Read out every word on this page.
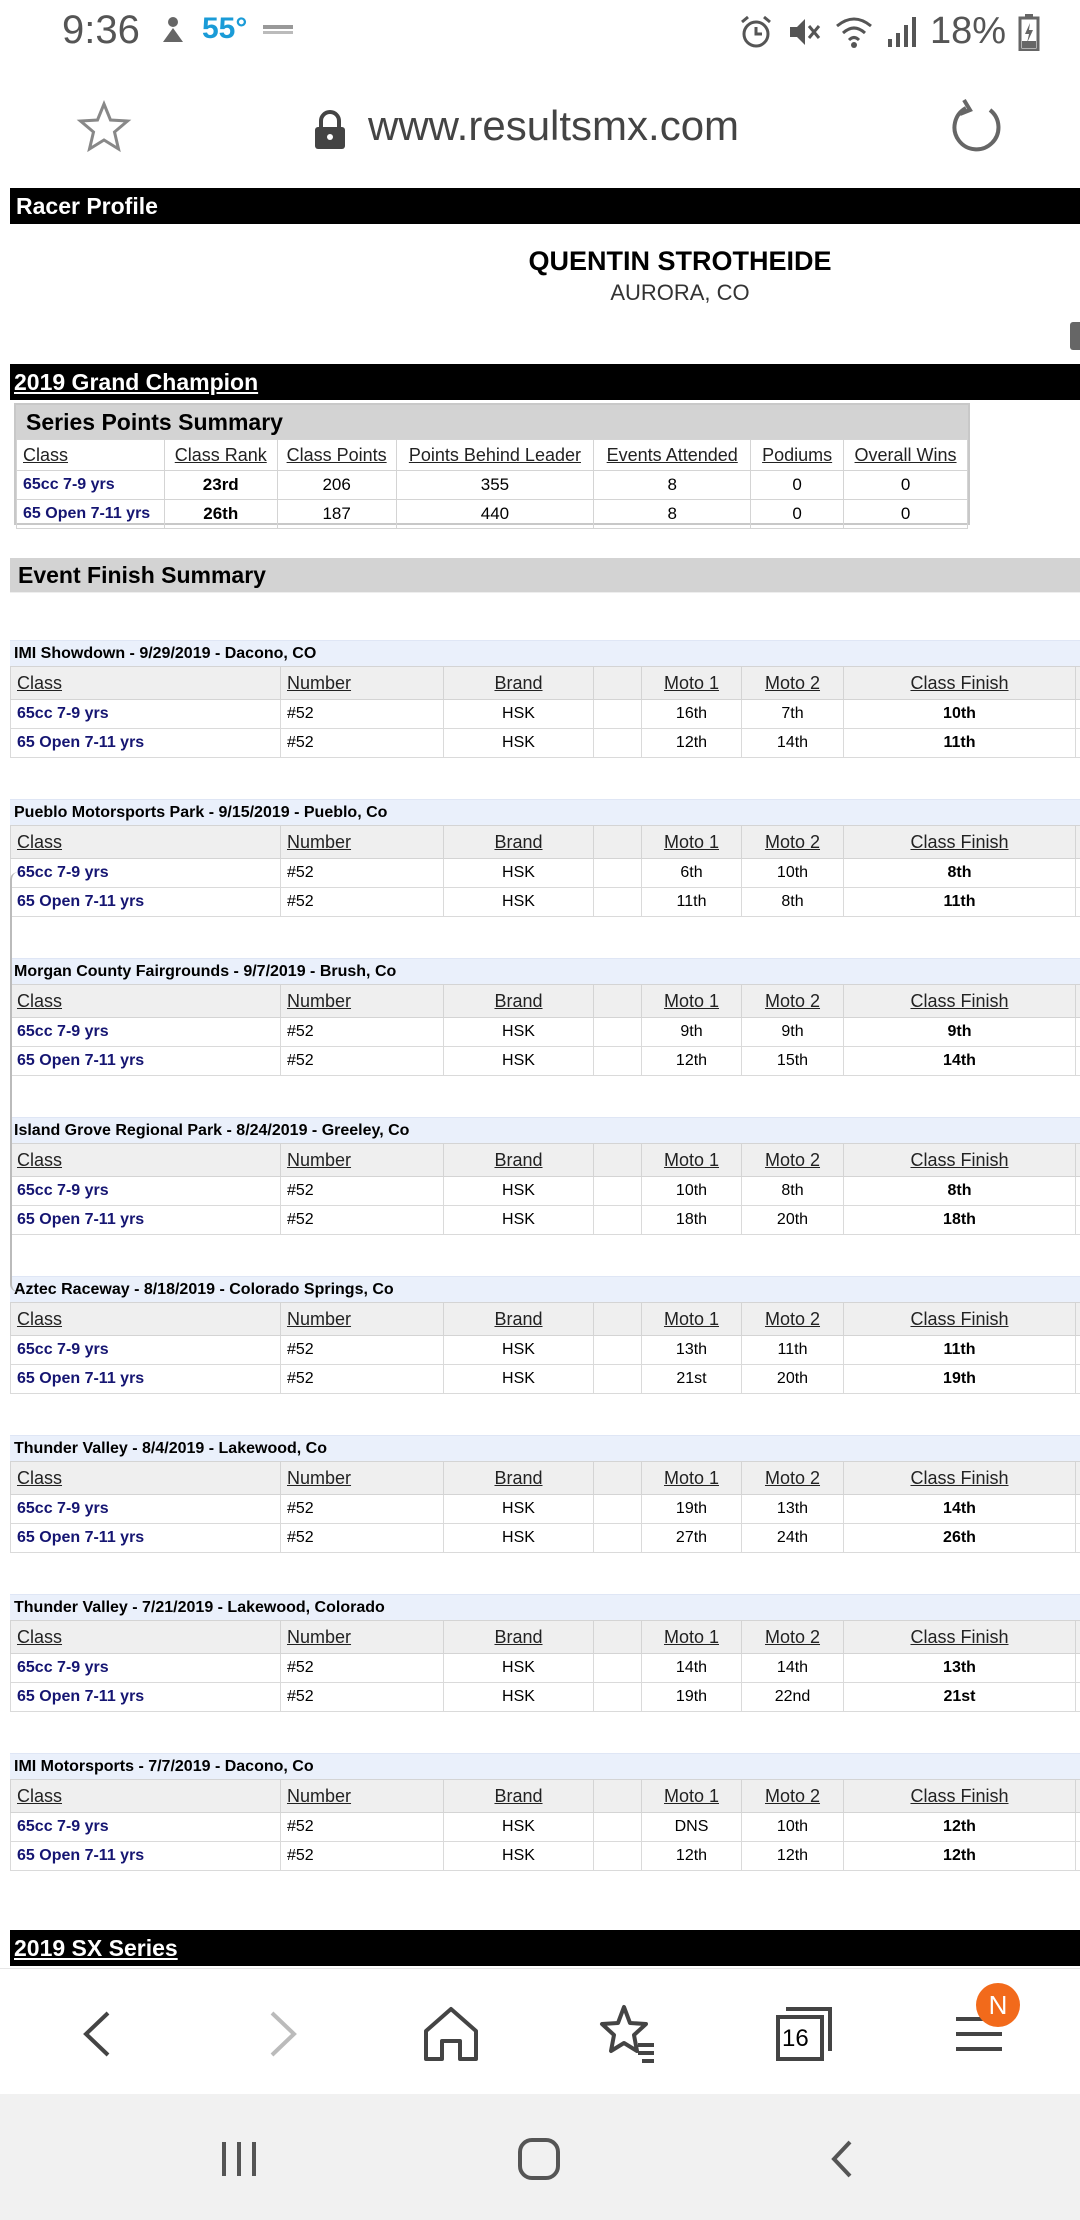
9:36 55°	18%
www.resultsmx.com
Racer Profile
QUENTIN STROTHEIDE
AURORA, CO
2019 Grand Champion
Series Points Summary
Class	Class Rank	Class Points	Points Behind Leader	Events Attended	Podiums	Overall Wins
65cc 7-9 yrs	23rd	206	355	8	0	0
65 Open 7-11 yrs	26th	187	440	8	0	0
Event Finish Summary
IMI Showdown - 9/29/2019 - Dacono, CO
Class	Number	Brand		Moto 1	Moto 2	Class Finish	
65cc 7-9 yrs	#52	HSK		16th	7th	10th	
65 Open 7-11 yrs	#52	HSK		12th	14th	11th	
Pueblo Motorsports Park - 9/15/2019 - Pueblo, Co
Class	Number	Brand		Moto 1	Moto 2	Class Finish	
65cc 7-9 yrs	#52	HSK		6th	10th	8th	
65 Open 7-11 yrs	#52	HSK		11th	8th	11th	
Morgan County Fairgrounds - 9/7/2019 - Brush, Co
Class	Number	Brand		Moto 1	Moto 2	Class Finish	
65cc 7-9 yrs	#52	HSK		9th	9th	9th	
65 Open 7-11 yrs	#52	HSK		12th	15th	14th	
Island Grove Regional Park - 8/24/2019 - Greeley, Co
Class	Number	Brand		Moto 1	Moto 2	Class Finish	
65cc 7-9 yrs	#52	HSK		10th	8th	8th	
65 Open 7-11 yrs	#52	HSK		18th	20th	18th	
Aztec Raceway - 8/18/2019 - Colorado Springs, Co
Class	Number	Brand		Moto 1	Moto 2	Class Finish	
65cc 7-9 yrs	#52	HSK		13th	11th	11th	
65 Open 7-11 yrs	#52	HSK		21st	20th	19th	
Thunder Valley - 8/4/2019 - Lakewood, Co
Class	Number	Brand		Moto 1	Moto 2	Class Finish	
65cc 7-9 yrs	#52	HSK		19th	13th	14th	
65 Open 7-11 yrs	#52	HSK		27th	24th	26th	
Thunder Valley - 7/21/2019 - Lakewood, Colorado
Class	Number	Brand		Moto 1	Moto 2	Class Finish	
65cc 7-9 yrs	#52	HSK		14th	14th	13th	
65 Open 7-11 yrs	#52	HSK		19th	22nd	21st	
IMI Motorsports - 7/7/2019 - Dacono, Co
Class	Number	Brand		Moto 1	Moto 2	Class Finish	
65cc 7-9 yrs	#52	HSK		DNS	10th	12th	
65 Open 7-11 yrs	#52	HSK		12th	12th	12th	
2019 SX Series
16
N
